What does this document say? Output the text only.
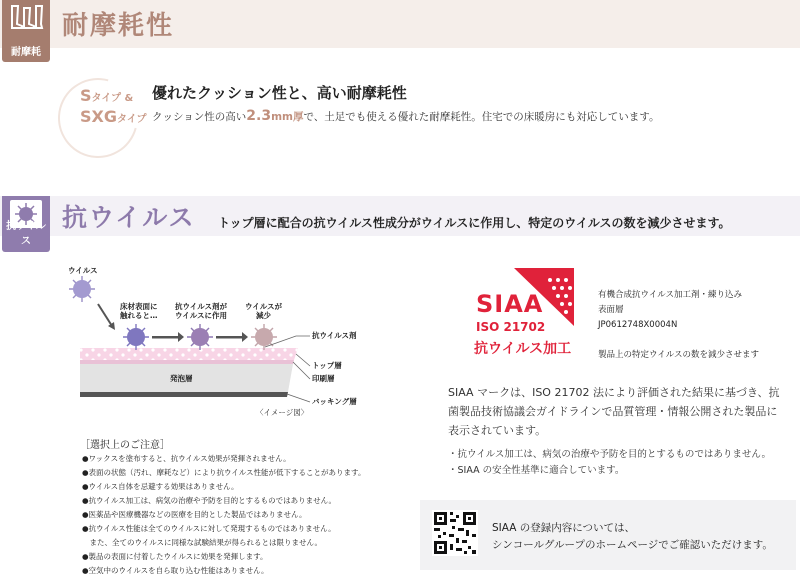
耐摩耗
耐摩耗性
Sタイプ &
SXGタイプ
優れたクッション性と、高い耐摩耗性
クッション性の高い2.3mm厚で、土足でも使える優れた耐摩耗性。住宅での床暖房にも対応しています。
抗ウイルス
抗ウイルス トップ層に配合の抗ウイルス性成分がウイルスに作用し、特定のウイルスの数を減少させます。
ウイルス
床材表面に
触れると…
抗ウイルス剤が
ウイルスに作用
ウイルスが
減少
抗ウイルス剤
トップ層
印刷層
発泡層
バッキング層
〈イメージ図〉
［選択上のご注意］
●ワックスを塗布すると、抗ウイルス効果が発揮されません。
●表面の状態（汚れ、摩耗など）により抗ウイルス性能が低下することがあります。
●ウイルス自体を忌避する効果はありません。
●抗ウイルス加工は、病気の治療や予防を目的とするものではありません。
●医薬品や医療機器などの医療を目的とした製品ではありません。
●抗ウイルス性能は全てのウイルスに対して発現するものではありません。
　また、全てのウイルスに同様な試験結果が得られるとは限りません。
●製品の表面に付着したウイルスに効果を発揮します。
●空気中のウイルスを自ら取り込む性能はありません。
SIAA
ISO 21702
抗ウイルス加工
有機合成抗ウイルス加工剤・練り込み
表面層
JP0612748X0004N
製品上の特定ウイルスの数を減少させます
SIAA マークは、ISO 21702 法により評価された結果に基づき、抗菌製品技術協議会ガイドラインで品質管理・情報公開された製品に表示されています。
・抗ウイルス加工は、病気の治療や予防を目的とするものではありません。
・SIAA の安全性基準に適合しています。
SIAA の登録内容については、
シンコールグループのホームページでご確認いただけます。
